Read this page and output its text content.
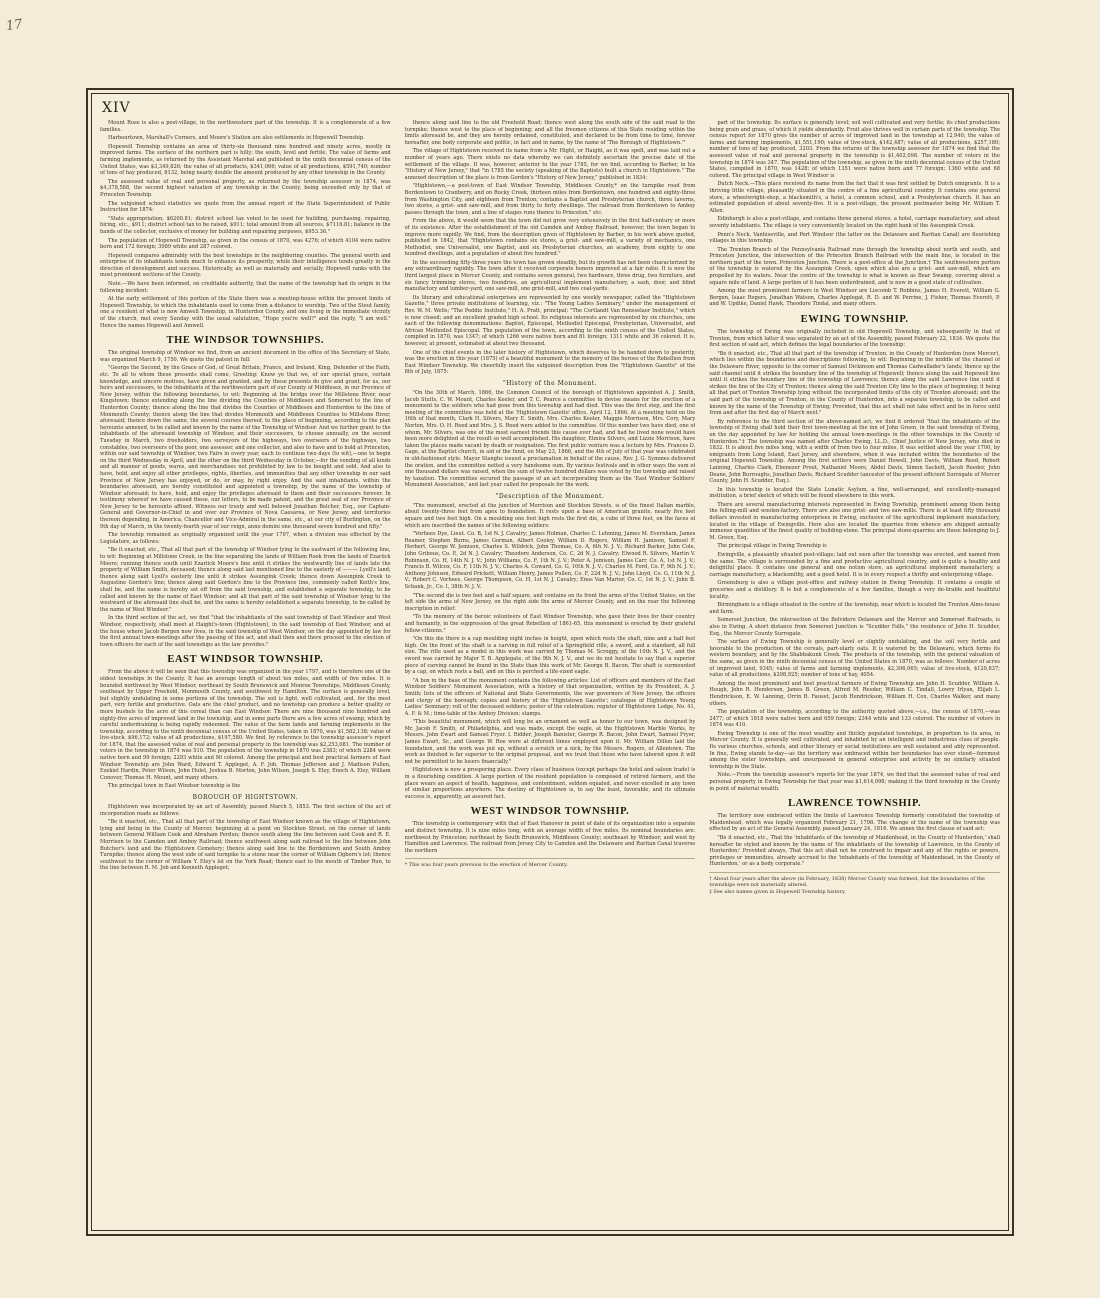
17
XIV

Mount Rose is also a post-village, in the northwestern part of the township. It is a conglomerate of a few families.

Harbourtown, Marshall's Corners, and Moore's Station are also settlements in Hopewell Township.

Hopewell Township contains an area of thirty-six thousand nine hundred and ninety acres, mostly in improved farms. The surface of the northern part is hilly; the south, level and fertile. The value of farms and farming implements, as returned by the Assistant Marshal and published in the ninth decennial census of the United States, was $3,349,826; the value of all products, $341,066; value of all productions, $591,740; number of tons of hay produced, 8132, being nearly double the amount produced by any other township in the County.

The assessed value of real and personal property, as returned by the township assessor in 1874, was $4,378,588, the second highest valuation of any township in the County, being exceeded only by that of Princeton Township.

The subjoined school statistics we quote from the annual report of the State Superintendent of Public Instruction for 1874:

"State appropriation, $6200.81; district school tax voted to be used for building, purchasing, repairing, hiring, etc., $911; district school tax to be raised, $911; total amount from all sources, $7116.81; balance in the hands of the collector, exclusive of money for building and repairing purposes, $953.36."

The population of Hopewell Township, as given in the census of 1870, was 4276; of which 4104 were native born and 172 foreign; 3989 white and 287 colored.

Hopewell compares admirably with the best townships in the neighboring counties. The general worth and enterprise of its inhabitants tends much to enhance its prosperity, while their intelligence tends greatly in the direction of development and success. Historically, as well as materially and socially, Hopewell ranks with the most prominent sections of the County.

Note.—We have been informed, on creditable authority, that the name of the township had its origin in the following incident:

At the early settlement of this portion of the State there was a meeting-house within the present limits of Hopewell Township, to which the inhabitants used to come from a distance to worship. Two of the Stout family, one a resident of what is now Amwell Township, in Hunterdon County, and one living in the immediate vicinity of the church, met every Sunday with the usual salutation, "Hope you're well?" and the reply, "I am well." Hence the names Hopewell and Amwell.

THE WINDSOR TOWNSHIPS.

The original township of Windsor we find, from an ancient document in the office of the Secretary of State, was organized March 9, 1750. We quote the patent in full:

"George the Second, by the Grace of God, of Great Britain, France, and Ireland, King, Defender of the Faith, etc. To all to whom these presents shall come, Greeting: Know ye that we, of our special grace, certain knowledge, and sincere motives, have given and granted, and by these presents do give and grant, for us, our heirs and successors, to the inhabitants of the northwestern part of our County of Middlesex, in our Province of New Jersey, within the following boundaries, to wit: Beginning at the bridge over the Millstone River, near Kingstown; thence extending along the line dividing the Counties of Middlesex and Somerset to the line of Hunterdon County; thence along the line that divides the Counties of Middlesex and Hunterdon to the line of Monmouth County; thence along the line that divides Monmouth and Middlesex Counties to Millstone River, aforesaid; thence down the same, the several courses thereof, to the place of beginning, according to the plan hereunto annexed, to be called and known by the name of the Township of Windsor. And we further grant to the inhabitants of the aforesaid township of Windsor, and their successors, to choose annually, on the second Tuesday in March, two freeholders, two surveyors of the highways, two overseers of the highways, two constables, two overseers of the poor, one assessor, and one collector, and also to have and to hold at Princeton, within our said township of Windsor, two Fairs in every year, each to continue two days (to wit),—one to begin on the third Wednesday in April, and the other on the third Wednesday in October,—for the vending of all kinds and all manner of goods, wares, and merchandises not prohibited by law to be bought and sold. And also to have, hold, and enjoy all other privileges, rights, liberties, and immunities that any other township in our said Province of New Jersey has enjoyed, or do, or may, by right enjoy. And the said inhabitants, within the boundaries aforesaid, are hereby constituted and appointed a township, by the name of the township of Windsor aforesaid; to have, hold, and enjoy the privileges aforesaid to them and their successors forever. In testimony whereof we have caused these, our letters, to be made patent, and the great seal of our Province of New Jersey to be hereunto affixed. Witness our trusty and well beloved Jonathan Belcher, Esq., our Captain-General and Governor-in-Chief in and over our Province of Nova Caesarea, or New Jersey, and territories thereon depending, in America, Chancellor and Vice-Admiral in the same, etc., at our city of Burlington, on the 9th day of March, in the twenty-fourth year of our reign, anno domini one thousand seven hundred and fifty."

The township remained as originally organized until the year 1797, when a division was effected by the Legislature, as follows:

"Be it enacted, etc., That all that part of the township of Windsor lying to the eastward of the following line, to wit: Beginning at Millstone Creek, in the line separating the lands of William Rook from the lands of Ezariick Moore; running thence south until Ezariick Moore's line until it strikes the westwardly line of lands late the property of William Smith, deceased; thence along said last mentioned line to the easterly of ——— Lyell's land; thence along said Lyell's easterly line until it strikes Assunpink Creek; thence down Assunpink Creek to Augustine Gordon's line; thence along said Gordon's line to the Province line, commonly called Keith's line, shall be, and the same is hereby set off from the said township, and established a separate township, to be called and known by the name of East Windsor; and all that part of the said township of Windsor lying to the westward of the aforesaid line shall be, and the same is hereby established a separate township, to be called by the name of West Windsor."

In the third section of the act, we find "that the inhabitants of the said township of East Windsor and West Windsor, respectively, shall meet at Haight's-town (Hightstown), in the said township of East Windsor, and at the house where Jacob Bergen now lives, in the said township of West Windsor, on the day appointed by law for the first annual town-meetings after the passing of this act, and shall then and there proceed to the election of town officers for each of the said townships as the law provides."

EAST WINDSOR TOWNSHIP.

From the above it will be seen that this township was organized in the year 1797, and is therefore one of the oldest townships in the County. It has an average length of about ten miles, and width of five miles. It is bounded northwest by West Windsor, northeast by South Brunswick and Monroe Townships, Middlesex County, southeast by Upper Freehold, Monmouth County, and southwest by Hamilton. The surface is generally level, but slightly undulating in some portions of the township. The soil is light, well cultivated, and, for the most part, very fertile and productive. Oats are the chief product, and no township can produce a better quality or more bushels to the acre of this cereal than can East Windsor. There are nine thousand nine hundred and eighty-five acres of improved land in the township, and in some parts there are a few acres of swamp, which by careful underdraining is being rapidly redeemed. The value of the farm lands and farming implements in the township, according to the ninth decennial census of the United States, taken in 1870, was $1,582,138; value of live-stock, $96,172; value of all productions, $197,580. We find, by reference to the township assessor's report for 1874, that the assessed value of real and personal property in the township was $2,253,081. The number of voters in the township in 1874 was 510. The population of the township in 1870 was 2383; of which 2284 were native born and 99 foreign; 2293 white and 90 colored. Among the principal and best practical farmers of East Windsor Township are John Ward, Edward T. Appleget, A. F. Job, Thomas Jefferson and J. Madison Pullen, Ezekiel Hardin, Peter Wilson, John Hulet, Joshua B. Morton, John Wilson, Joseph S. Eley, Enoch A. Eley, William Conover, Thomas H. Mount, and many others.

The principal town in East Windsor township is the

BOROUGH OF HIGHTSTOWN.

Hightstown was incorporated by an act of Assembly, passed March 5, 1853. The first section of the act of incorporation reads as follows:

"Be it enacted, etc., That all that part of the township of East Windsor known as the village of Hightstown, lying and being in the County of Mercer, beginning at a point on Stockton Street, on the corner of lands between General William Cook and Abraham Perdun; thence south along the line between said Cook and R. E. Morrison to the Camden and Amboy Railroad; thence southwest along said railroad to the line between John Butcher's land and the Hightstown Cemetery; thence along said line to the Bordentown and South Amboy Turnpike; thence along the west side of said turnpike to a stone near the corner of William Ogborn's lot; thence southwest to the corner of William Y. Eley's lot on the York Road; thence east to the mouth of Timber Run, to the line between R. M. Job and Kenneth Appleget;

thence along said line to the old Freehold Road; thence west along the south side of the said road to the turnpike; thence west to the place of beginning; and all the freemen citizens of this State residing within the limits aforesaid be, and they are hereby ordained, constituted, and declared to be from time to time, forever hereafter, one body corporate and politic, in fact and in name, by the name of 'The Borough of Hightstown.'"

The village of Hightstown received its name from a Mr. Hight, or Haight, as it was spelt, and was laid out a number of years ago. There exists no data whereby we can definitely ascertain the precise date of the settlement of the village. It was, however, anterior to the year 1785, for we find, according to Barber, in his "History of New Jersey," that "in 1785 the society (speaking of the Baptists) built a church in Hightstown." The annexed description of the place is from Gordon's "History of New Jersey," published in 1834:

"Hightstown,—a post-town of East Windsor Township, Middlesex County,* on the turnpike road from Bordentown to Cranberry, and on Rocky Creek, thirteen miles from Bordentown, one hundred and eighty-three from Washington City, and eighteen from Trenton; contains a Baptist and Presbyterian church, three taverns, two stores, a grist- and saw-mill, and from thirty to forty dwellings. The railroad from Bordentown to Amboy passes through the town, and a line of stages runs thence to Princeton," etc.

From the above, it would seem that the town did not grow very extensively in the first half-century or more of its existence. After the establishment of the old Camden and Amboy Railroad, however, the town began to improve more rapidly. We find, from the description given of Hightstown by Barber, in his work above quoted, published in 1842, that "Hightstown contains six stores, a grist- and saw-mill, a variety of mechanics, one Methodist, one Universalist, one Baptist, and six Presbyterian churches, an academy, from eighty to one hundred dwellings, and a population of about five hundred."

In the succeeding fifty-three years the town has grown steadily, but its growth has not been characterized by any extraordinary rapidity. The town after it received corporate honors improved at a fair ratio. It is now the third largest place in Mercer County, and contains seven general, two hardware, three drug, two furniture, and six fancy trimming stores, two foundries, an agricultural implement manufactory, a sash, door, and blind manufactory and lumber-yard, one saw-mill, one grist-mill, and two coal-yards.

Its literary and educational enterprises are represented by one weekly newspaper, called the "Hightstown Gazette," three private institutions of learning, viz.: "The Young Ladies Seminary," under the management of Rev. W. M. Wells; "The Peddie Institute," H. A. Pratt, principal; "The Cortlandt Van Rensselaer Institute," which is now closed; and an excellent graded high school. Its religious interests are represented by six churches, one each of the following denominations: Baptist, Episcopal, Methodist Episcopal, Presbyterian, Universalist, and African Methodist Episcopal. The population of the town, according to the ninth census of the United States, compiled in 1870, was 1347; of which 1266 were native born and 81 foreign; 1311 white and 36 colored. It is, however, at present, estimated at about two thousand.

One of the chief events in the later history of Hightstown, which deserves to be handed down to posterity, was the erection in this year (1875) of a beautiful monument to the memory of the heroes of the Rebellion from East Windsor Township. We cheerfully insert the subjoined description from the "Hightstown Gazette" of the 8th of July, 1875:

"History of the Monument.

"On the 30th of March, 1866, the Common Council of the borough of Hightstown appointed A. J. Smith, Jacob Stults, C. W. Mount, Charles Keeler, and T. C. Pearce a committee to devise means for the erection of a monument to the soldiers who had gone from this township and had died. This was the first step, and the first meeting of the committee was held at the 'Hightstown Gazette' office, April 12, 1866. At a meeting held on the 16th of that month, Clark H. Silvers, Mary E. Smith, Mrs. Charles Keeler, Maggie Morrison, Mrs. Cory, Mary Norton, Mrs. O. H. Reed and Mrs. J. S. Reed were added to the committee. Of this number two have died, one of whom, Mr. Silvers, was one of the most earnest friends this cause ever had, and had he lived none would have been more delighted at the result so well accomplished. His daughter, Elmira Silvers, and Lizzie Morrison, have taken the places made vacant by death or resignation. The first public venture was a lecture by Mrs. Frances D. Gage, at the Baptist church, in aid of the fund, on May 23, 1866, and the 4th of July of that year was celebrated in old-fashioned style. Mayor Stanghs issued a proclamation in behalf of the cause, Rev. J. G. Symmes delivered the oration, and the committee netted a very handsome sum. By various festivals and in other ways the sum of one thousand dollars was raised, when the sum of twelve hundred dollars was voted by the township and raised by taxation. The committee secured the passage of an act incorporating them as the 'East Windsor Soldiers' Monument Association,' and last year called for proposals for the work.

"Description of the Monument.

"The monument, erected at the junction of Morrison and Stockton Streets, is of the finest Italian marble, about twenty-three feet from apex to foundation. It rests upon a base of American granite, nearly five feet square and two feet high. On a moulding one foot high rests the first die, a cube of three feet, on the faces of which are inscribed the names of the following soldiers:

"Vorhees Dye, Lieut. Co. B, 1st N. J. Cavalry; James Holman, Charles C. Lehming, James M. Evernham, James Reamer, Stephen Burns, James Gorman, Albert Cooley, William D. Rogers, William H. Jamison, Samuel F. Herbert, George W. Jemison, Charles S. Wildrick, John Thomas, Co. A, 6th N. J. V.; Richard Barker, John Cole, John Gribous, Co. E, 2d N. J. Cavalry; Theodore Anderson, Co. C, 2d N. J. Cavalry; Elwood R. Silvers, Martin V. Robinson, Co. H, 14th N. J. V.; John Williams, Co. F, 1th N. J. V.; Peter A. Jemison, James Carr, Co. A, 1st N. J. V.; Francis B. Wilcox, Co. F, 11th N. J. V.; Charles A. Coward, Co. G, 10th N. J. V.; Charles M. Ford, Co. F, 9th N. J. V.; Anthony Johnson, Edward Prickett, William Henry, James Pullen, Co. F, 22d N. J. V.; John Lloyd, Co. G, 11th N. J. V.; Robert C. Vorhees, George Thompson, Co. H, 1st N. J. Cavalry; Enos Van Marter, Co. C, 1st N. J. V.; John B. Schank, Jr., Co. I, 38th N. J. V.

"The second die is two feet and a half square, and contains on its front the arms of the United States, on the left side the arms of New Jersey, on the right side the arms of Mercer County, and on the rear the following inscription in relief:

"To the memory of the heroic volunteers of East Windsor Township, who gave their lives for their country and humanity, in the suppression of the great Rebellion of 1861-65, this monument is erected by their grateful fellow-citizens."

"On this die there is a cap moulding eight inches in height, upon which rests the shaft, nine and a half feet high. On the front of the shaft is a carving in full relief of a Springfield rifle, a sword, and a standard, all full size. The rifle used as a model in this work was carried by Thomas M. Scroggy, of the 10th N. J. V., and the sword was carried by Major T. B. Applegate, of the 9th N. J. V., and we do not hesitate to say that a superior piece of carving cannot be found in the State than this work of Mr. George B. Bacon. The shaft is surmounted by a cap, on which rests a ball, and on this is perched a life-sized eagle.

"A box in the base of the monument contains the following articles: List of officers and members of the East Windsor Soldiers' Monument Association, with a history of that organization, written by its President, A. J. Smith; lists of the officers of National and State Governments, the war governors of New Jersey, the officers and clergy of the borough; copies and history of the 'Hightstown Gazette'; catalogue of Hightstown Young Ladies' Seminary; roll of the deceased soldiers; poster of the celebration; register of Hightstown Lodge, No. 41, A. F. & M.; time-table of the Amboy Division; stamps.

"This beautiful monument, which will long be an ornament as well as honor to our town, was designed by Mr. Jacob F. Smith, of Philadelphia, and was made, except the eagle, at the Hightstown Marble Works, by Messrs. John Ewart and Samuel Fryer. I. Ridder, Joseph Banister, George R. Bacon, John Ewart, Samuel Fryer, James Ewart, Sr., and George W. Roe were at different times employed upon it. Mr. William Dillon laid the foundation, and the work was put up, without a scratch or a nick, by the Messrs. Rogers, of Allentown. The work as finished is far superior to the original proposal, and we trust that those who have labored upon it will not be permitted to be losers financially."

Hightstown is now a prospering place. Every class of business (except perhaps the hotel and saloon trade) is in a flourishing condition. A large portion of the resident population is composed of retired farmers, and the place wears an aspect of health, happiness, and contentment, seldom equaled, and never excelled in any town of similar proportions anywhere. The destiny of Hightstown is, to say the least, favorable, and its ultimate success is, apparently, an assured fact.

WEST WINDSOR TOWNSHIP.

This township is contemporary with that of East Hanover in point of date of its organization into a separate and distinct township. It is nine miles long, with an average width of five miles. Its nominal boundaries are: northwest by Princeton; northeast by South Brunswick, Middlesex County; southeast by Windsor; and west by Hamilton and Lawrence. The railroad from Jersey City to Camden and the Delaware and Raritan Canal traverse the northern

* This was four years previous to the erection of Mercer County.

part of the township. Its surface is generally level; soil well cultivated and very fertile; its chief productions being grain and grass, of which it yields abundantly. Fruit also thrives well in certain parts of the township. The census report for 1870 gives the number of acres of improved land in the township at 12,940; the value of farms and farming implements, $1,551,190; value of live-stock, $142,487; value of all productions, $257,180; number of tons of hay produced, 3203. From the returns of the township assessor for 1874 we find that the assessed value of real and personal property in the township is $1,402,098. The number of voters in the township in 1874 was 347. The population of the township, as given in the ninth decennial census of the United States, compiled in 1870, was 1428; of which 1351 were native born and 77 foreign; 1360 white and 68 colored. The principal village in West Windsor is

Dutch Neck.—This place received its name from the fact that it was first settled by Dutch emigrants. It is a thriving little village, pleasantly situated in the centre of a fine agricultural country. It contains one general store, a wheelwright-shop, a blacksmith's, a hotel, a common school, and a Presbyterian church. It has an estimated population of about seventy-five. It is a post-village, the present postmaster being Mr. William T. Allen.

Edinburgh is also a post-village, and contains three general stores, a hotel, carriage manufactory, and about seventy inhabitants. The village is very conveniently located on the right bank of the Assunpink Creek.

Penn's Neck, Vanhiseville, and Port Windsor (the latter on the Delaware and Raritan Canal) are flourishing villages in this township.

The Trenton Branch of the Pennsylvania Railroad runs through the township about north and south, and Princeton Junction, the intersection of the Princeton Branch Railroad with the main line, is located in the northern part of the town. Princeton Junction. There is a post-office at the Junction.† The southwestern portion of the township is watered by the Assunpink Creek, upon which also are a grist- and saw-mill, which are propelled by its waters. Near the centre of the township is what is known as Bear Swamp, covering about a square mile of land. A large portion of it has been underdrained, and is now in a good state of cultivation.

Among the most prominent farmers in West Windsor are Liscomb T. Robbins, James H. Everett, William G. Bergen, Isaac Rogers, Jonathan Watson, Charles Applegat, R. D. and W. Perrine, J. Fisher, Thomas Everett, P. and W. Updike, Daniel Hawk, Theodore Tindal, and many others.

EWING TOWNSHIP.

The township of Ewing was originally included in old Hopewell Township, and subsequently in that of Trenton, from which latter it was separated by an act of the Assembly, passed February 22, 1834. We quote the first section of said act, which defines the legal boundaries of the township:

"Be it enacted, etc., That all that part of the township of Trenton, in the County of Hunterdon (now Mercer), which lies within the boundaries and descriptions following, to wit: Beginning in the middle of the channel of the Delaware River, opposite to the corner of Samuel Dickinson and Thomas Cadwallader's lands; thence up the said channel until it strikes the boundary line of the township of Hopewell; thence along the said Hopewell line until it strikes the boundary line of the township of Lawrence; thence along the said Lawrence line until it strikes the line of the City of Trenton; thence along the said Trenton City line to the place of beginning; it being all that part of Trenton Township lying without the incorporated limits of the city of Trenton aforesaid; and the said part of the township of Trenton, in the County of Hunterdon, into a separate township, to be called and known by the name of the Township of Ewing; Provided, that this act shall not take effect and be in force until from and after the first day of March next."

By reference to the third section of the above-named act, we find it ordered "that the inhabitants of the township of Ewing shall hold their first town-meeting at the inn of John Green, in the said township of Ewing, on the day appointed by law for holding the annual town-meetings in the other townships in the County of Hunterdon."‡ The township was named after Charles Ewing, LL.D., Chief Justice of New Jersey, who died in 1832. It is about five miles long, with a width of from two to four miles. It was settled about the year 1700, by emigrants from Long Island, East Jersey, and elsewhere, when it was included within the boundaries of the original Hopewell Township. Among the first settlers were Daniel Howell, John Davis, William Reed, Robert Lanning, Charles Clark, Ebenezer Prout, Nathaniel Moore, Abdel Davis, Simon Sackett, Jacob Reeder, John Deane, John Burroughs, Jonathan Davis, Richard Scudder (ancestor of the present efficient Surrogate of Mercer County, John H. Scudder, Esq.).

In this township is located the State Lunatic Asylum, a fine, well-arranged, and excellently-managed institution, a brief sketch of which will be found elsewhere in this work.

There are several manufacturing interests represented in Ewing Township, prominent among them being the felling-mill and woolen-factory. There are also one grist- and two saw-mills. There is at least fifty thousand dollars invested in manufacturing enterprises in Ewing, exclusive of the agricultural implement manufactory, located in the village of Ewingville. Here also are located the quarries from whence are shipped annually immense quantities of the finest quality of building-stone. The principal stone-quarries are those belonging to J. M. Green, Esq.

The principal village in Ewing Township is

Ewingville, a pleasantly situated post-village; laid out soon after the township was erected, and named from the same. The village is surrounded by a fine and productive agricultural country, and is quite a healthy and delightful place. It contains one general and one notion store, an agricultural implement manufactory, a carriage manufactory, a blacksmithy, and a good hotel. It is in every respect a thrifty and enterprising village.

Greensburg is also a village post-office and railway station in Ewing Township. It contains a couple of groceries and a distillery. It is but a conglomerate of a few families, though a very de-lirable and healthful locality.

Birmingham is a village situated in the centre of the township, near which is located the Trenton Alms-house and farm.

Somerset Junction, the intersection of the Belvidere Delaware and the Mercer and Somerset Railroads, is also in Ewing. A short distance from Somerset Junction is "Scudder Falls," the residence of John H. Scudder, Esq., the Mercer County Surrogate.

The surface of Ewing Township is generally level or slightly undulating, and the soil very fertile and favorable to the production of the cereals, part-ularly oats. It is watered by the Delaware, which forms its western boundary, and by the Shabbakunk Creek. The products of the township, with the general valuation of the same, as given in the ninth decennial census of the United States in 1870, was as follows: Number of acres of improved land, 9345; value of farms and farming implements, $2,306,065; value of live-stock, $129,837; value of all productions, $298,925; number of tons of hay, 4054.

Among the most prominent and best practical farmers of Ewing Township are John H. Scudder, William A. Hough, John R. Henderson, James B. Green, Alfred M. Reeder, William C. Tindall, Lowry Irlyan, Elijah L. Hendrickson, E. W. Lanning, Orrin B. Fauset, Jacob Hendrickson, William H. Cox, Charles Walker, and many others.

The population of the township, according to the authority quoted above,—i.e., the census of 1870,—was 2477; of which 1818 were native born and 659 foreign; 2344 white and 133 colored. The number of voters in 1874 was 410.

Ewing Township is one of the most wealthy and thickly populated townships, in proportion to its area, in Mercer County. It is generally well cultivated, and inhabited by an intelligent and industrious class of people. Its various churches, schools, and other literary or social institutions are well sustained and ably represented. In fine, Ewing stands to-day—as the territory was embraced within her boundaries has ever stood—foremost among the sister townships, and unsurpassed in general enterprise and activity by no similarly situated township in the State.

Note.—From the township assessor's reports for the year 1874, we find that the assessed value of real and personal property in Ewing Township for that year was $1,614,098; making it the third township in the County in point of material wealth.

LAWRENCE TOWNSHIP.

The territory now embraced within the limits of Lawrence Township formerly constituted the township of Maidenhead, which was legally organized February 21, 1798. The change of the name of the township was effected by an act of the General Assembly, passed January 24, 1816. We annex the first clause of said act:

"Be it enacted, etc., That the 'inhabitants of the township of Maidenhead, in the County of Hunterdon,' shall hereafter be styled and known by the name of 'the inhabitants of the township of Lawrence, in the County of Hunterdon;' Provided always, That this act shall not be construed to impair and any of the rights or powers, privileges or immunities, already accrued to the 'inhabitants of the township of Maidenhead, in the County of Hunterdon,' or as a body corporate."

† About four years after the above (in February, 1838) Mercer County was formed, but the boundaries of the townships were not materially altered.
‡ See also names given in Hopewell Township history.
